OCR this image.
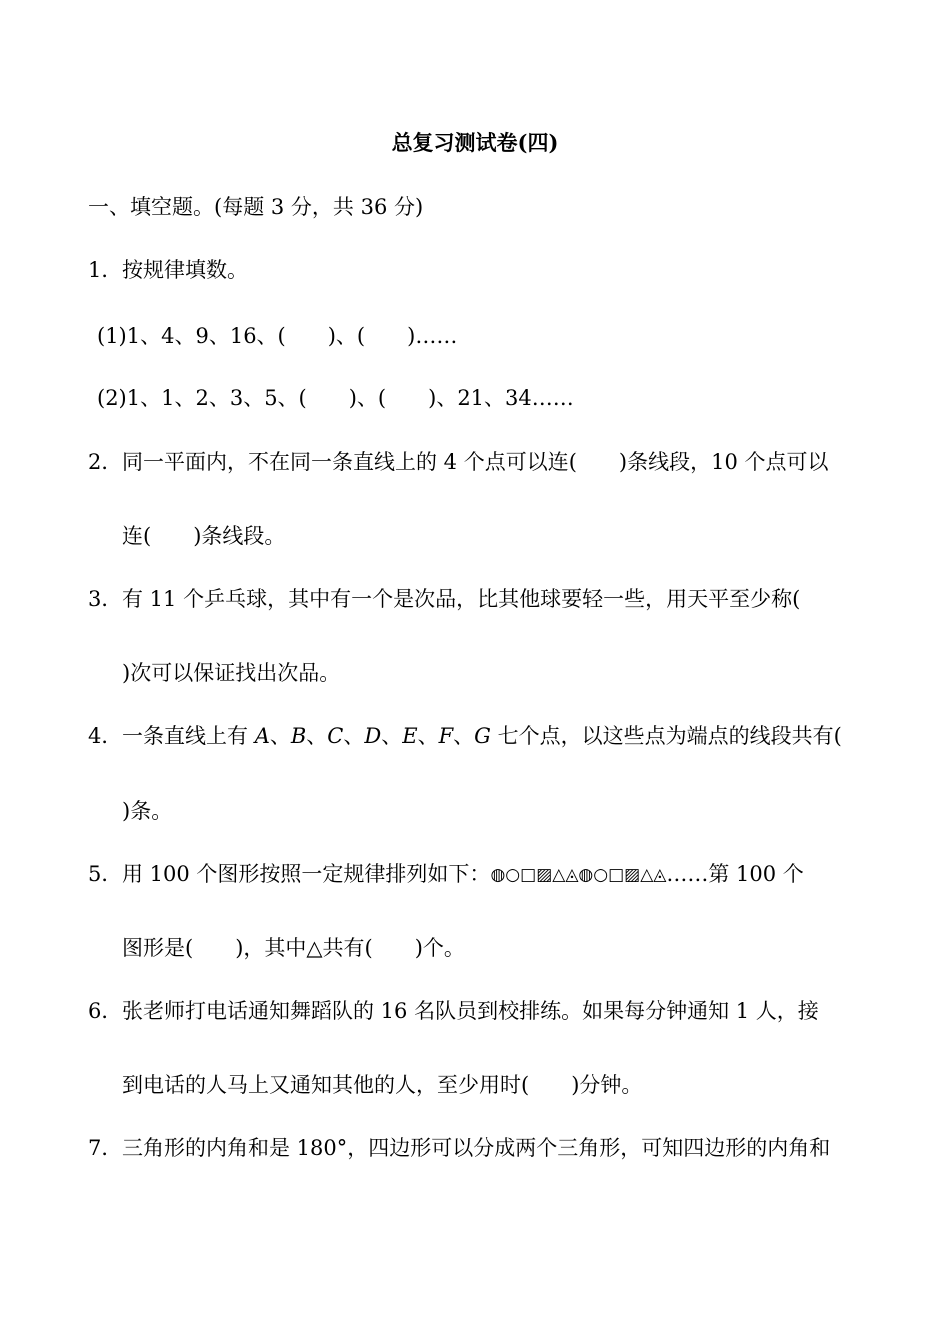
总复习测试卷(四)
一、填空题。(每题 3 分，共 36 分)
1．按规律填数。
(1)1、4、9、16、(　　)、(　　)……
(2)1、1、2、3、5、(　　)、(　　)、21、34……
2．同一平面内，不在同一条直线上的 4 个点可以连(　　)条线段，10 个点可以
连(　　)条线段。
3．有 11 个乒乓球，其中有一个是次品，比其他球要轻一些，用天平至少称(
)次可以保证找出次品。
4．一条直线上有 A、B、C、D、E、F、G 七个点，以这些点为端点的线段共有(
)条。
5．用 100 个图形按照一定规律排列如下：◍○□▨△◬◍○□▨△◬……第 100 个
图形是(　　)，其中△共有(　　)个。
6．张老师打电话通知舞蹈队的 16 名队员到校排练。如果每分钟通知 1 人，接
到电话的人马上又通知其他的人，至少用时(　　)分钟。
7．三角形的内角和是 180°，四边形可以分成两个三角形，可知四边形的内角和
